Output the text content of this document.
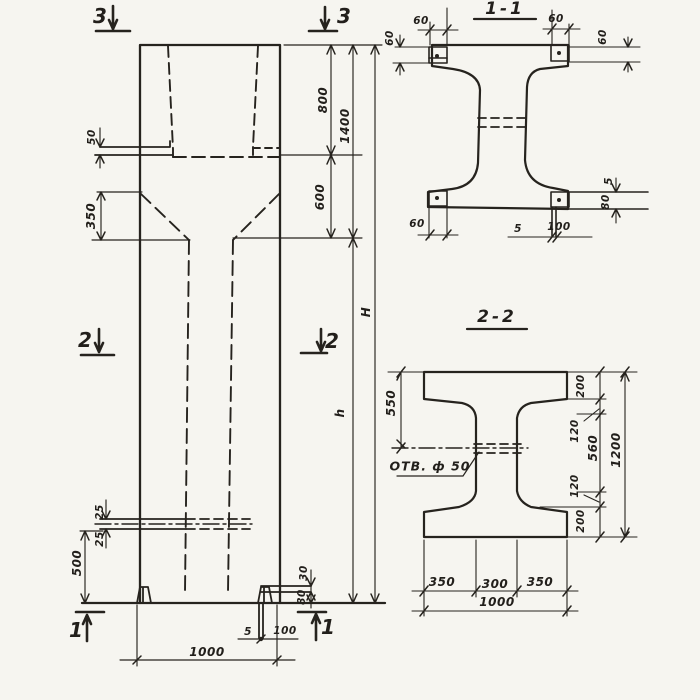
3	3
2	2
1	1
50
350
800
1400
600
H
h
25
25
500	30
80
5 100
1000
1-1
60
60
60
60
60
5
80
5 100
2-2
550
ОТВ. ф 50
200
120
560
120
200
1200
350 300 350
1000
